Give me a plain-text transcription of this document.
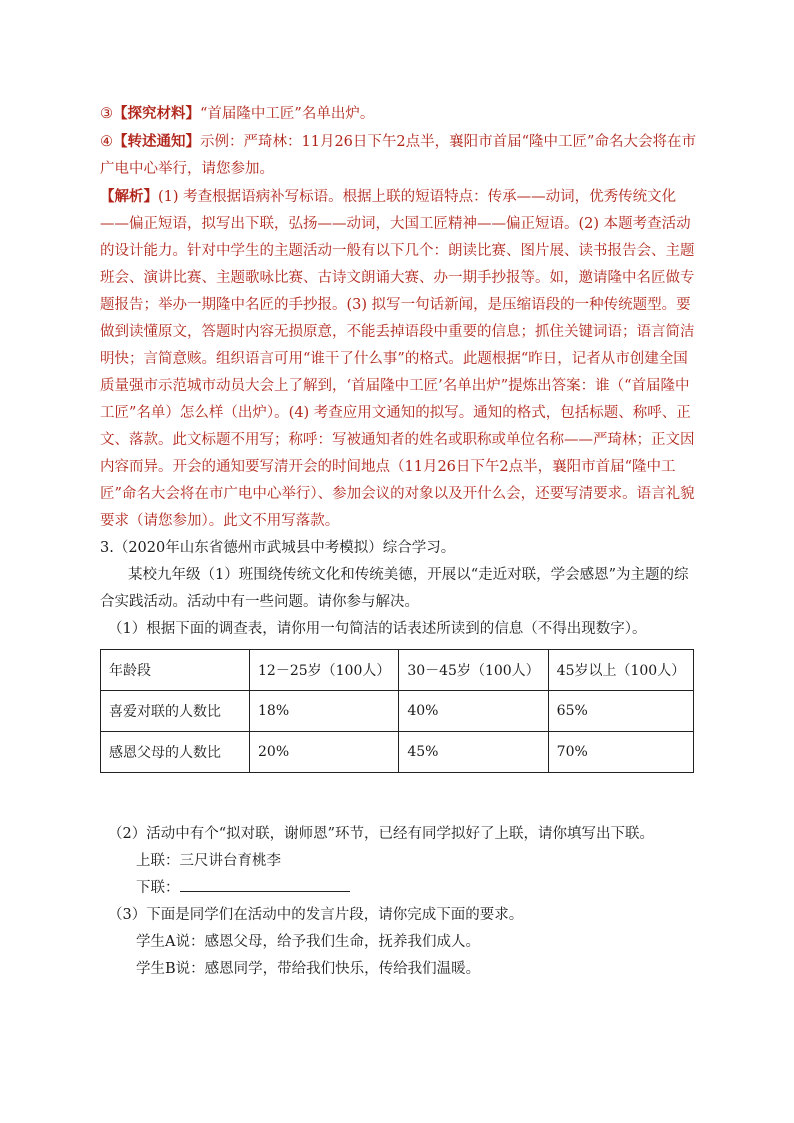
③【探究材料】“首届隆中工匠”名单出炉。

④【转述通知】示例：严琦林：11月26日下午2点半，襄阳市首届“隆中工匠”命名大会将在市广电中心举行，请您参加。

【解析】(1) 考查根据语病补写标语。根据上联的短语特点：传承——动词，优秀传统文化——偏正短语，拟写出下联，弘扬——动词，大国工匠精神——偏正短语。(2) 本题考查活动的设计能力。针对中学生的主题活动一般有以下几个：朗读比赛、图片展、读书报告会、主题班会、演讲比赛、主题歌咏比赛、古诗文朗诵大赛、办一期手抄报等。如，邀请隆中名匠做专题报告；举办一期隆中名匠的手抄报。(3) 拟写一句话新闻，是压缩语段的一种传统题型。要做到读懂原文，答题时内容无损原意，不能丢掉语段中重要的信息；抓住关键词语；语言简洁明快；言简意赅。组织语言可用“谁干了什么事”的格式。此题根据“昨日，记者从市创建全国质量强市示范城市动员大会上了解到，‘首届隆中工匠’名单出炉”提炼出答案：谁（“首届隆中工匠”名单）怎么样（出炉）。(4) 考查应用文通知的拟写。通知的格式，包括标题、称呼、正文、落款。此文标题不用写；称呼：写被通知者的姓名或职称或单位名称——严琦林；正文因内容而异。开会的通知要写清开会的时间地点（11月26日下午2点半，襄阳市首届“隆中工匠”命名大会将在市广电中心举行）、参加会议的对象以及开什么会，还要写清要求。语言礼貌要求（请您参加）。此文不用写落款。

3.（2020年山东省德州市武城县中考模拟）综合学习。

某校九年级（1）班围绕传统文化和传统美德，开展以“走近对联，学会感恩”为主题的综合实践活动。活动中有一些问题。请你参与解决。

（1）根据下面的调查表，请你用一句简洁的话表述所读到的信息（不得出现数字）。

年龄段	12－25岁（100人）	30－45岁（100人）	45岁以上（100人）
喜爱对联的人数比	18%	40%	65%
感恩父母的人数比	20%	45%	70%

（2）活动中有个“拟对联，谢师恩”环节，已经有同学拟好了上联，请你填写出下联。

上联：三尺讲台育桃李

下联：

（3）下面是同学们在活动中的发言片段，请你完成下面的要求。

学生A说：感恩父母，给予我们生命，抚养我们成人。

学生B说：感恩同学，带给我们快乐，传给我们温暖。
